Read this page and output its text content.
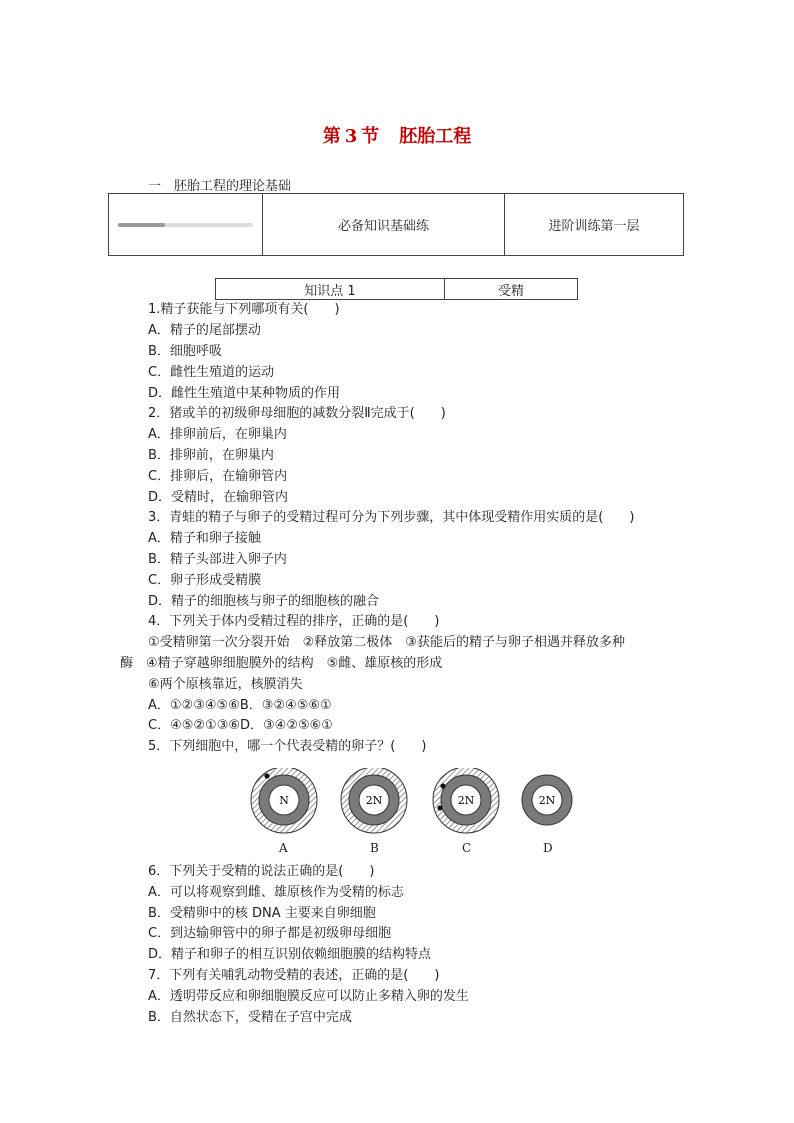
第 3 节 胚胎工程
一　胚胎工程的理论基础
必备知识基础练	进阶训练第一层
知识点 1	受精
1.精子获能与下列哪项有关(　　)
A．精子的尾部摆动
B．细胞呼吸
C．雌性生殖道的运动
D．雌性生殖道中某种物质的作用
2．猪或羊的初级卵母细胞的减数分裂Ⅱ完成于(　　)
A．排卵前后，在卵巢内
B．排卵前，在卵巢内
C．排卵后，在输卵管内
D．受精时，在输卵管内
3．青蛙的精子与卵子的受精过程可分为下列步骤，其中体现受精作用实质的是(　　)
A．精子和卵子接触
B．精子头部进入卵子内
C．卵子形成受精膜
D．精子的细胞核与卵子的细胞核的融合
4．下列关于体内受精过程的排序，正确的是(　　)
①受精卵第一次分裂开始　②释放第二极体　③获能后的精子与卵子相遇并释放多种
酶　④精子穿越卵细胞膜外的结构　⑤雌、雄原核的形成
⑥两个原核靠近，核膜消失
A．①②③④⑤⑥B．③②④⑤⑥①
C．④⑤②①③⑥D．③④②⑤⑥①
5．下列细胞中，哪一个代表受精的卵子？(　　)
N	2N	2N	2N
A	B	C	D
6．下列关于受精的说法正确的是(　　)
A．可以将观察到雌、雄原核作为受精的标志
B．受精卵中的核 DNA 主要来自卵细胞
C．到达输卵管中的卵子都是初级卵母细胞
D．精子和卵子的相互识别依赖细胞膜的结构特点
7．下列有关哺乳动物受精的表述，正确的是(　　)
A．透明带反应和卵细胞膜反应可以防止多精入卵的发生
B．自然状态下，受精在子宫中完成
